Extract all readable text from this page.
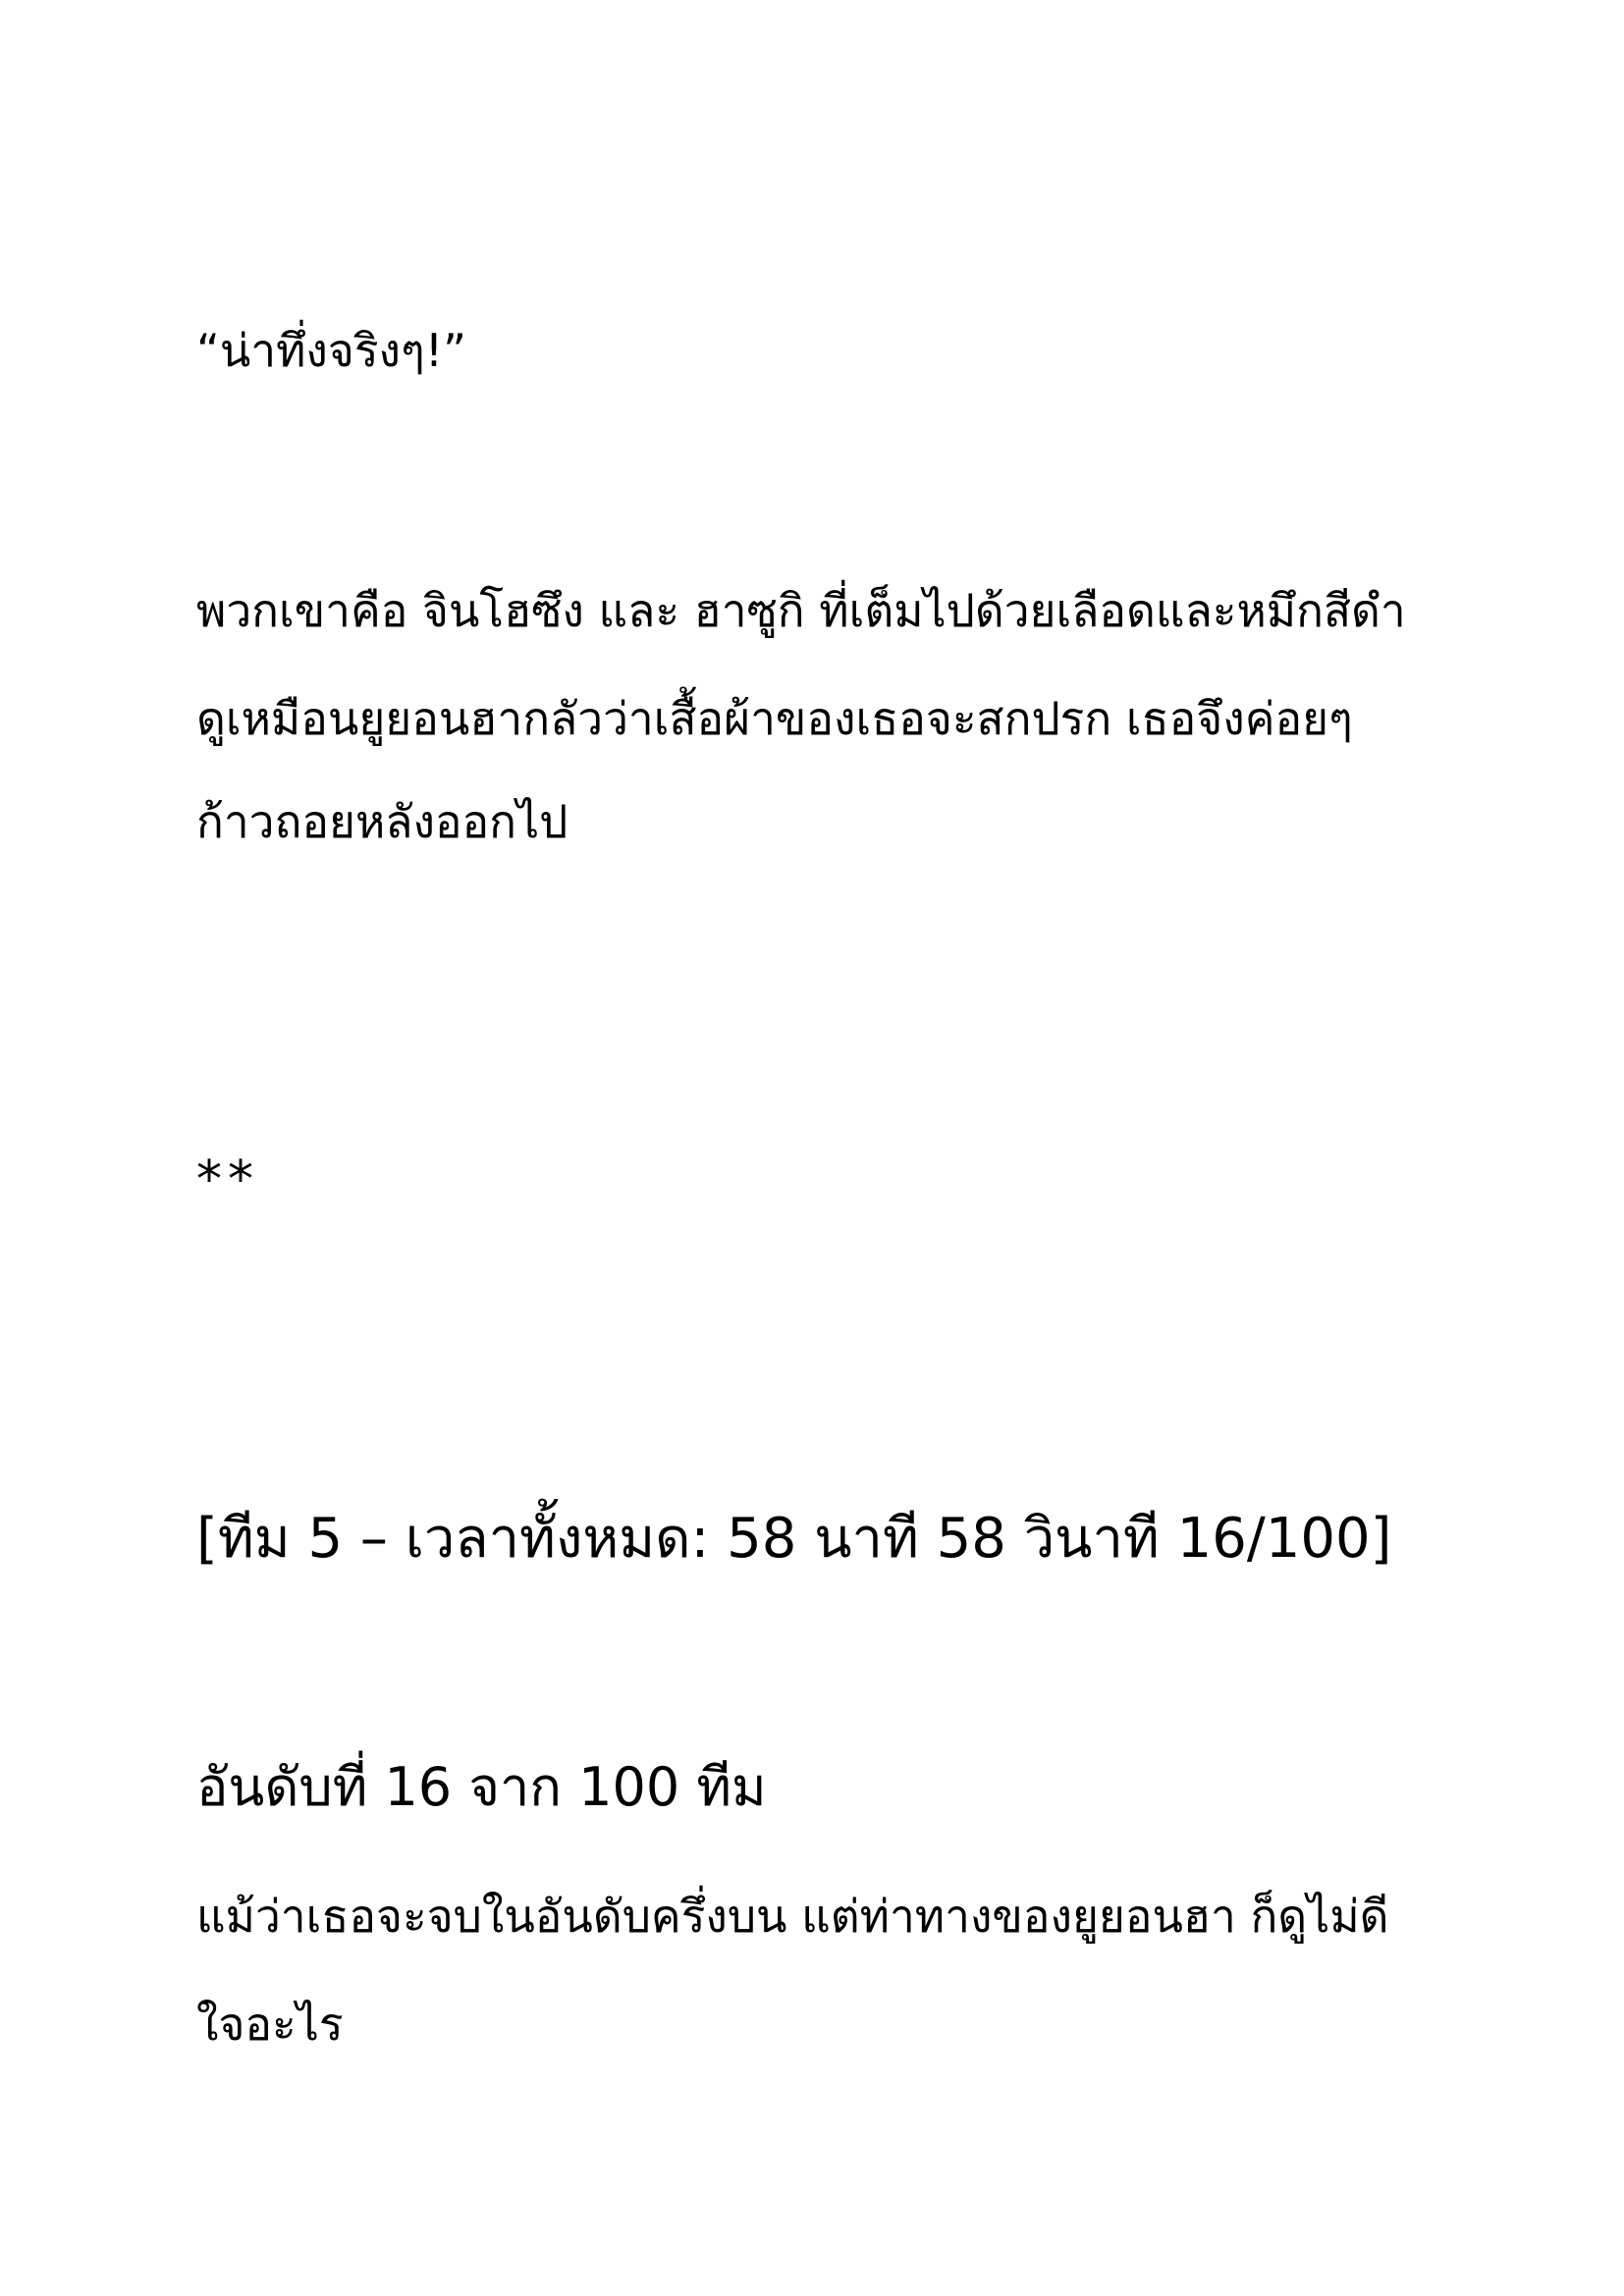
“น่าทึ่งจริงๆ!”

พวกเขาคือ จินโฮซึง และ ฮาซูกิ ที่เต็มไปด้วยเลือดและหมึกสีดำ

ดูเหมือนยูยอนฮากลัวว่าเสื้อผ้าของเธอจะสกปรก เธอจึงค่อยๆ

ก้าวถอยหลังออกไป

**

[ทีม 5 – เวลาทั้งหมด: 58 นาที 58 วินาที 16/100]

อันดับที่ 16 จาก 100 ทีม

แม้ว่าเธอจะจบในอันดับครึ่งบน แต่ท่าทางของยูยอนฮา ก็ดูไม่ดี

ใจอะไร
